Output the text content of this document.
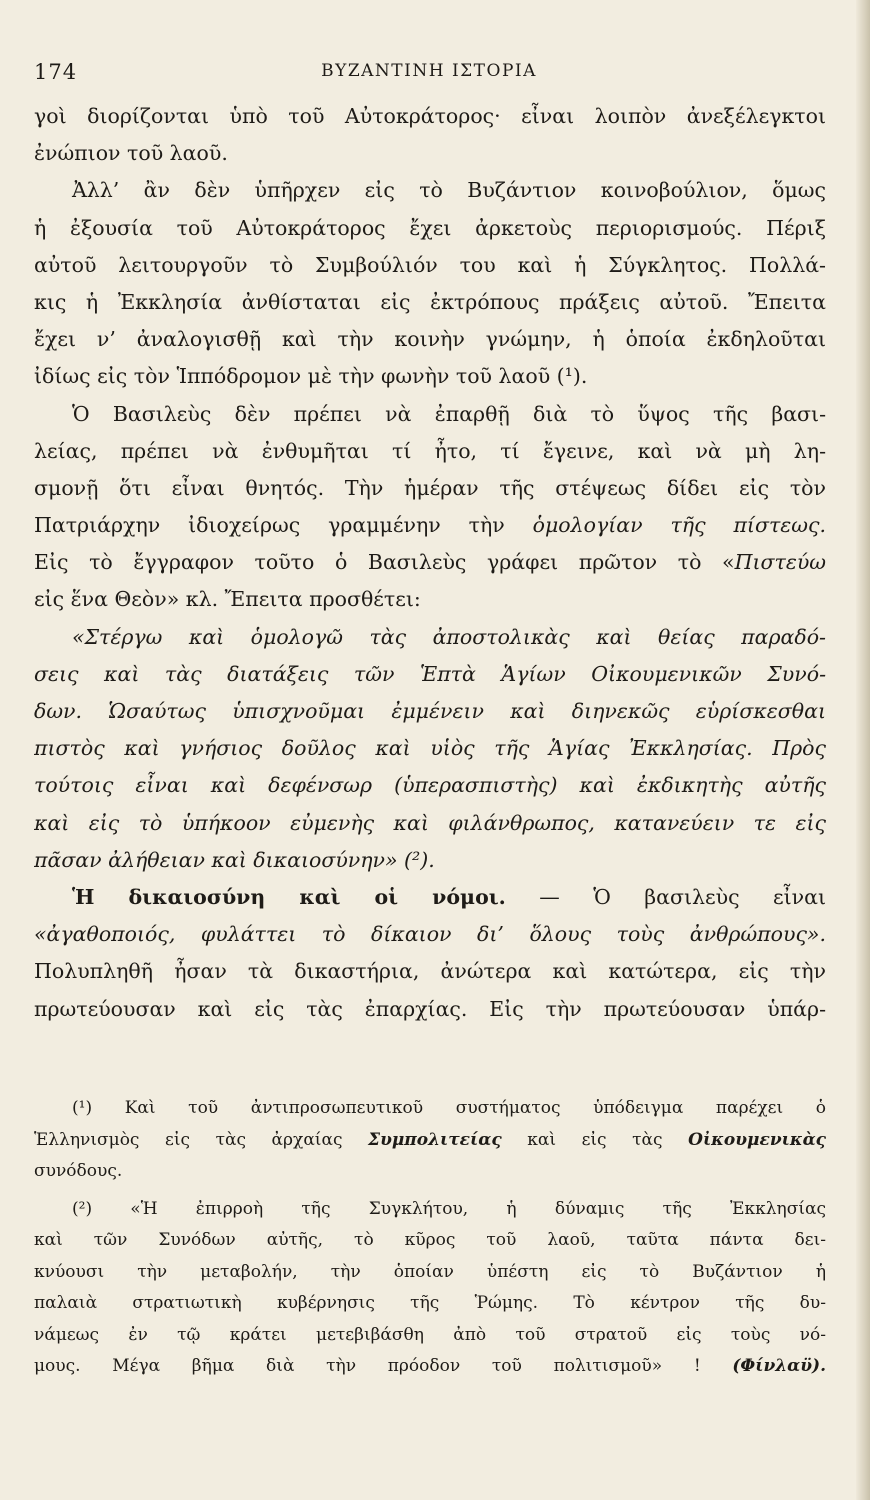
174	ΒΥΖΑΝΤΙΝΗ ΙΣΤΟΡΙΑ
γοὶ διορίζονται ὑπὸ τοῦ Αὐτοκράτορος· εἶναι λοιπὸν ἀνεξέλεγκτοι
ἐνώπιον τοῦ λαοῦ.
Ἀλλ’ ἂν δὲν ὑπῆρχεν εἰς τὸ Βυζάντιον κοινοβούλιον, ὅμως
ἡ ἐξουσία τοῦ Αὐτοκράτορος ἔχει ἀρκετοὺς περιορισμούς. Πέριξ
αὐτοῦ λειτουργοῦν τὸ Συμβούλιόν του καὶ ἡ Σύγκλητος. Πολλά-
κις ἡ Ἐκκλησία ἀνθίσταται εἰς ἐκτρόπους πράξεις αὐτοῦ. Ἔπειτα
ἔχει ν’ ἀναλογισθῇ καὶ τὴν κοινὴν γνώμην, ἡ ὁποία ἐκδηλοῦται
ἰδίως εἰς τὸν Ἱππόδρομον μὲ τὴν φωνὴν τοῦ λαοῦ (¹).
Ὁ Βασιλεὺς δὲν πρέπει νὰ ἐπαρθῇ διὰ τὸ ὕψος τῆς βασι-
λείας, πρέπει νὰ ἐνθυμῆται τί ἦτο, τί ἔγεινε, καὶ νὰ μὴ λη-
σμονῇ ὅτι εἶναι θνητός. Τὴν ἡμέραν τῆς στέψεως δίδει εἰς τὸν
Πατριάρχην ἰδιοχείρως γραμμένην τὴν ὁμολογίαν τῆς πίστεως.
Εἰς τὸ ἔγγραφον τοῦτο ὁ Βασιλεὺς γράφει πρῶτον τὸ «Πιστεύω
εἰς ἕνα Θεὸν» κλ. Ἔπειτα προσθέτει:
«Στέργω καὶ ὁμολογῶ τὰς ἀποστολικὰς καὶ θείας παραδό-
σεις καὶ τὰς διατάξεις τῶν Ἑπτὰ Ἁγίων Οἰκουμενικῶν Συνό-
δων. Ὡσαύτως ὑπισχνοῦμαι ἐμμένειν καὶ διηνεκῶς εὑρίσκεσθαι
πιστὸς καὶ γνήσιος δοῦλος καὶ υἱὸς τῆς Ἁγίας Ἐκκλησίας. Πρὸς
τούτοις εἶναι καὶ δεφένσωρ (ὑπερασπιστὴς) καὶ ἐκδικητὴς αὐτῆς
καὶ εἰς τὸ ὑπήκοον εὐμενὴς καὶ φιλάνθρωπος, κατανεύειν τε εἰς
πᾶσαν ἀλήθειαν καὶ δικαιοσύνην» (²).
Ἡ δικαιοσύνη καὶ οἱ νόμοι. — Ὁ βασιλεὺς εἶναι
«ἀγαθοποιός, φυλάττει τὸ δίκαιον δι’ ὅλους τοὺς ἀνθρώπους».
Πολυπληθῆ ἦσαν τὰ δικαστήρια, ἀνώτερα καὶ κατώτερα, εἰς τὴν
πρωτεύουσαν καὶ εἰς τὰς ἐπαρχίας. Εἰς τὴν πρωτεύουσαν ὑπάρ-
(¹) Καὶ τοῦ ἀντιπροσωπευτικοῦ συστήματος ὑπόδειγμα παρέχει ὁ
Ἑλληνισμὸς εἰς τὰς ἀρχαίας Συμπολιτείας καὶ εἰς τὰς Οἰκουμενικὰς
συνόδους.
(²) «Ἡ ἐπιρροὴ τῆς Συγκλήτου, ἡ δύναμις τῆς Ἐκκλησίας
καὶ τῶν Συνόδων αὐτῆς, τὸ κῦρος τοῦ λαοῦ, ταῦτα πάντα δει-
κνύουσι τὴν μεταβολήν, τὴν ὁποίαν ὑπέστη εἰς τὸ Βυζάντιον ἡ
παλαιὰ στρατιωτικὴ κυβέρνησις τῆς Ῥώμης. Τὸ κέντρον τῆς δυ-
νάμεως ἐν τῷ κράτει μετεβιβάσθη ἀπὸ τοῦ στρατοῦ εἰς τοὺς νό-
μους. Μέγα βῆμα διὰ τὴν πρόοδον τοῦ πολιτισμοῦ» ! (Φίνλαϋ).
